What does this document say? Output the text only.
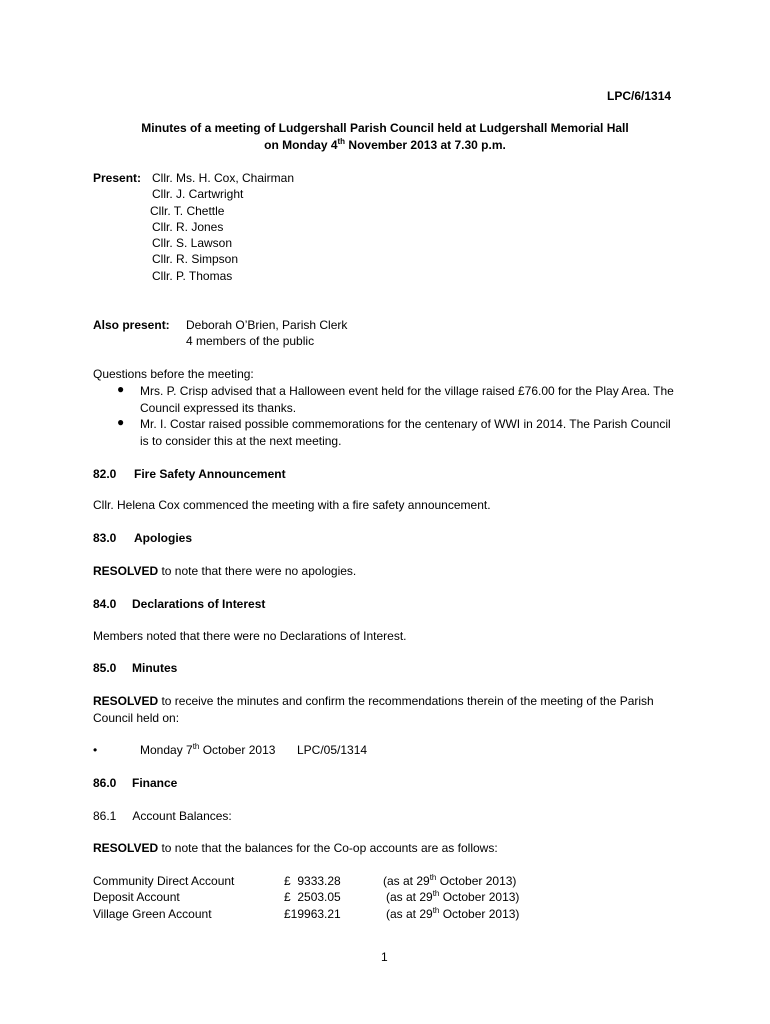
LPC/6/1314
Minutes of a meeting of Ludgershall Parish Council held at Ludgershall Memorial Hall
on Monday 4th November 2013 at 7.30 p.m.
Present: Cllr. Ms. H. Cox, Chairman
Cllr. J. Cartwright
Cllr. T. Chettle
Cllr. R. Jones
Cllr. S. Lawson
Cllr. R. Simpson
Cllr. P. Thomas
Also present: Deborah O’Brien, Parish Clerk
4 members of the public
Questions before the meeting:
● Mrs. P. Crisp advised that a Halloween event held for the village raised £76.00 for the Play Area. The Council expressed its thanks.
● Mr. I. Costar raised possible commemorations for the centenary of WWI in 2014. The Parish Council is to consider this at the next meeting.
82.0 Fire Safety Announcement
Cllr. Helena Cox commenced the meeting with a fire safety announcement.
83.0 Apologies
RESOLVED to note that there were no apologies.
84.0 Declarations of Interest
Members noted that there were no Declarations of Interest.
85.0 Minutes
RESOLVED to receive the minutes and confirm the recommendations therein of the meeting of the Parish Council held on:
•	Monday 7th October 2013 LPC/05/1314
86.0 Finance
86.1     Account Balances:
RESOLVED to note that the balances for the Co-op accounts are as follows:
Community Direct Account	£  9333.28	(as at 29th October 2013)
Deposit Account	£  2503.05	(as at 29th October 2013)
Village Green Account	£19963.21	(as at 29th October 2013)
1
